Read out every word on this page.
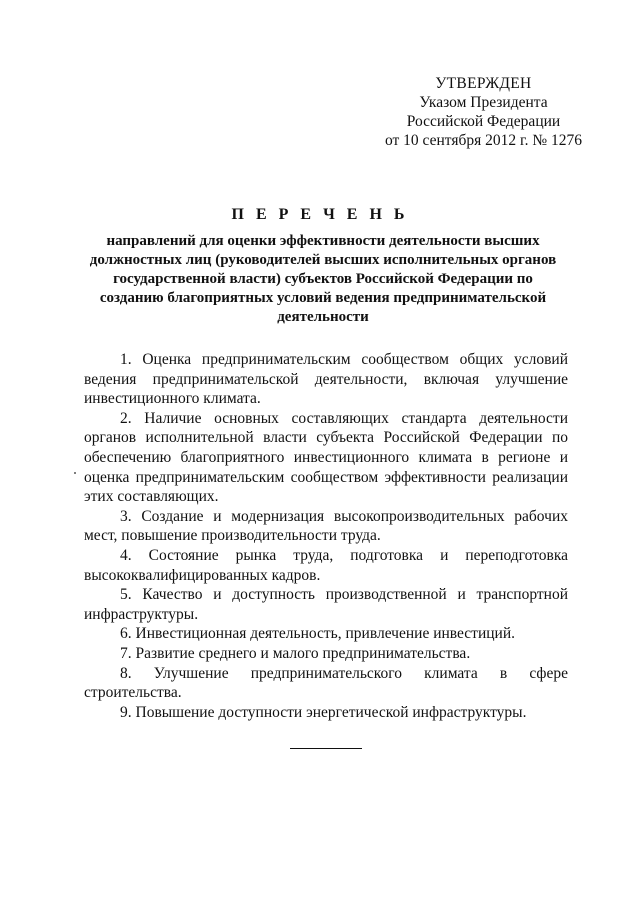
УТВЕРЖДЕН
Указом Президента
Российской Федерации
от 10 сентября 2012 г. № 1276
П Е Р Е Ч Е Н Ь
направлений для оценки эффективности деятельности высших должностных лиц (руководителей высших исполнительных органов государственной власти) субъектов Российской Федерации по созданию благоприятных условий ведения предпринимательской деятельности

1. Оценка предпринимательским сообществом общих условий ведения предпринимательской деятельности, включая улучшение инвестиционного климата.

2. Наличие основных составляющих стандарта деятельности органов исполнительной власти субъекта Российской Федерации по обеспечению благоприятного инвестиционного климата в регионе и оценка предпринимательским сообществом эффективности реализации этих составляющих.

3. Создание и модернизация высокопроизводительных рабочих мест, повышение производительности труда.

4. Состояние рынка труда, подготовка и переподготовка высококвалифицированных кадров.

5. Качество и доступность производственной и транспортной инфраструктуры.

6. Инвестиционная деятельность, привлечение инвестиций.

7. Развитие среднего и малого предпринимательства.

8. Улучшение предпринимательского климата в сфере строительства.

9. Повышение доступности энергетической инфраструктуры.
